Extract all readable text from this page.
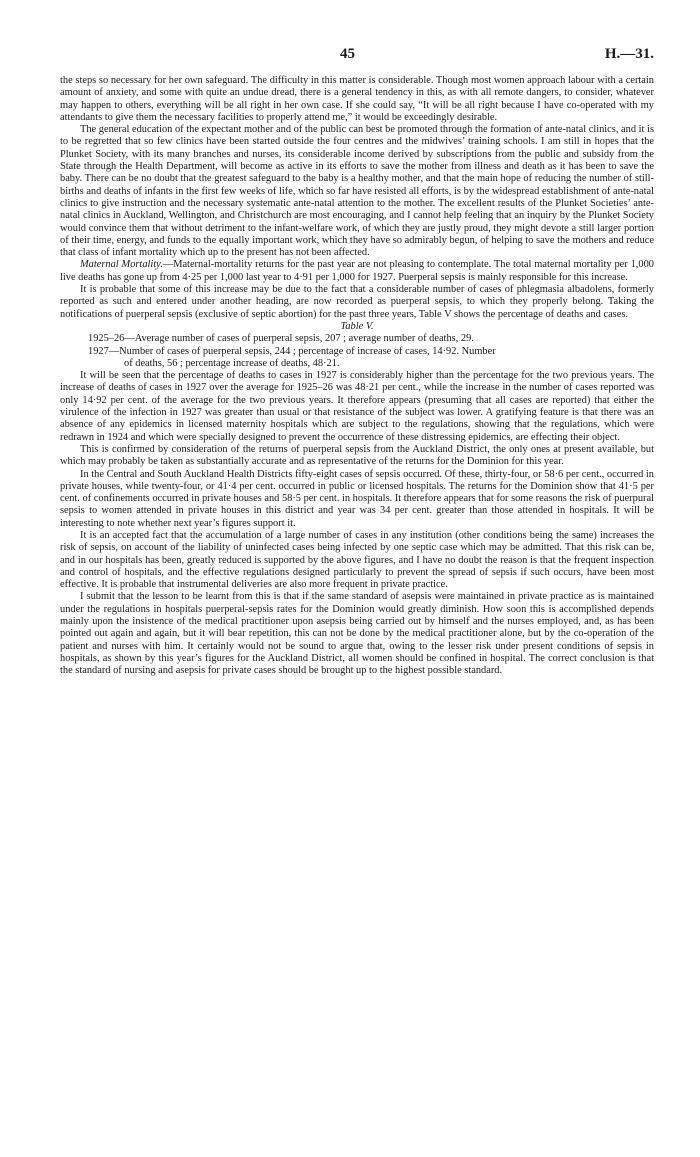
45	H.—31.

the steps so necessary for her own safeguard. The difficulty in this matter is considerable. Though most women approach labour with a certain amount of anxiety, and some with quite an undue dread, there is a general tendency in this, as with all remote dangers, to consider, whatever may happen to others, everything will be all right in her own case. If she could say, “It will be all right because I have co-operated with my attendants to give them the necessary facilities to properly attend me,” it would be exceedingly desirable.

The general education of the expectant mother and of the public can best be promoted through the formation of ante-natal clinics, and it is to be regretted that so few clinics have been started outside the four centres and the midwives’ training schools. I am still in hopes that the Plunket Society, with its many branches and nurses, its considerable income derived by subscriptions from the public and subsidy from the State through the Health Department, will become as active in its efforts to save the mother from illness and death as it has been to save the baby. There can be no doubt that the greatest safeguard to the baby is a healthy mother, and that the main hope of reducing the number of still-births and deaths of infants in the first few weeks of life, which so far have resisted all efforts, is by the widespread establishment of ante-natal clinics to give instruction and the necessary systematic ante-natal attention to the mother. The excellent results of the Plunket Societies’ ante-natal clinics in Auckland, Wellington, and Christchurch are most encouraging, and I cannot help feeling that an inquiry by the Plunket Society would convince them that without detriment to the infant-welfare work, of which they are justly proud, they might devote a still larger portion of their time, energy, and funds to the equally important work, which they have so admirably begun, of helping to save the mothers and reduce that class of infant mortality which up to the present has not been affected.

Maternal Mortality.—Maternal-mortality returns for the past year are not pleasing to contemplate. The total maternal mortality per 1,000 live deaths has gone up from 4·25 per 1,000 last year to 4·91 per 1,000 for 1927. Puerperal sepsis is mainly responsible for this increase.

It is probable that some of this increase may be due to the fact that a considerable number of cases of phlegmasia albadolens, formerly reported as such and entered under another heading, are now recorded as puerperal sepsis, to which they properly belong. Taking the notifications of puerperal sepsis (exclusive of septic abortion) for the past three years, Table V shows the percentage of deaths and cases.

Table V.

1925–26—Average number of cases of puerperal sepsis, 207 ; average number of deaths, 29.

1927—Number of cases of puerperal sepsis, 244 ; percentage of increase of cases, 14·92. Number

of deaths, 56 ; percentage increase of deaths, 48·21.

It will be seen that the percentage of deaths to cases in 1927 is considerably higher than the percentage for the two previous years. The increase of deaths of cases in 1927 over the average for 1925–26 was 48·21 per cent., while the increase in the number of cases reported was only 14·92 per cent. of the average for the two previous years. It therefore appears (presuming that all cases are reported) that either the virulence of the infection in 1927 was greater than usual or that resistance of the subject was lower. A gratifying feature is that there was an absence of any epidemics in licensed maternity hospitals which are subject to the regulations, showing that the regulations, which were redrawn in 1924 and which were specially designed to prevent the occurrence of these distressing epidemics, are effecting their object.

This is confirmed by consideration of the returns of puerperal sepsis from the Auckland District, the only ones at present available, but which may probably be taken as substantially accurate and as representative of the returns for the Dominion for this year.

In the Central and South Auckland Health Districts fifty-eight cases of sepsis occurred. Of these, thirty-four, or 58·6 per cent., occurred in private houses, while twenty-four, or 41·4 per cent. occurred in public or licensed hospitals. The returns for the Dominion show that 41·5 per cent. of confinements occurred in private houses and 58·5 per cent. in hospitals. It therefore appears that for some reasons the risk of puerpural sepsis to women attended in private houses in this district and year was 34 per cent. greater than those attended in hospitals. It will be interesting to note whether next year’s figures support it.

It is an accepted fact that the accumulation of a large number of cases in any institution (other conditions being the same) increases the risk of sepsis, on account of the liability of uninfected cases being infected by one septic case which may be admitted. That this risk can be, and in our hospitals has been, greatly reduced is supported by the above figures, and I have no doubt the reason is that the frequent inspection and control of hospitals, and the effective regulations designed particularly to prevent the spread of sepsis if such occurs, have been most effective. It is probable that instrumental deliveries are also more frequent in private practice.

I submit that the lesson to be learnt from this is that if the same standard of asepsis were maintained in private practice as is maintained under the regulations in hospitals puerperal-sepsis rates for the Dominion would greatly diminish. How soon this is accomplished depends mainly upon the insistence of the medical practitioner upon asepsis being carried out by himself and the nurses employed, and, as has been pointed out again and again, but it will bear repetition, this can not be done by the medical practitioner alone, but by the co-operation of the patient and nurses with him. It certainly would not be sound to argue that, owing to the lesser risk under present conditions of sepsis in hospitals, as shown by this year’s figures for the Auckland District, all women should be confined in hospital. The correct conclusion is that the standard of nursing and asepsis for private cases should be brought up to the highest possible standard.
